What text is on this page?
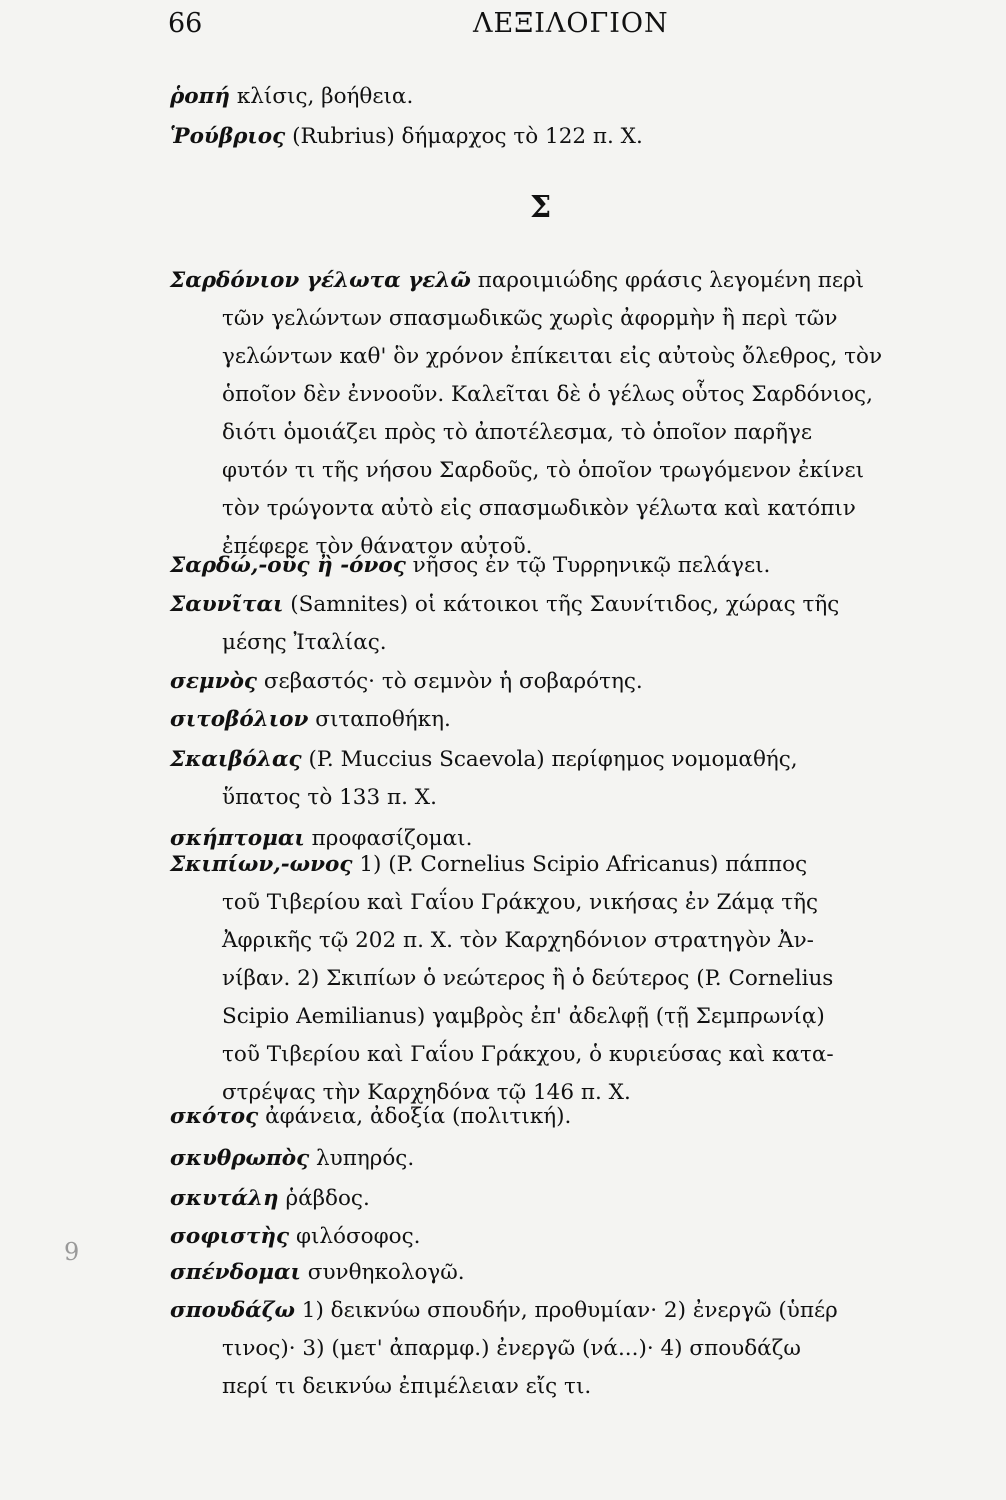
66	ΛΕΞΙΛΟΓΙΟΝ
Σ
9
ῥοπή κλίσις, βοήθεια.
Ῥούβριος (Rubrius) δήμαρχος τὸ 122 π. Χ.
Σαρδόνιον γέλωτα γελῶ παροιμιώδης φράσις λεγομένη περὶ
τῶν γελώντων σπασμωδικῶς χωρὶς ἀφορμὴν ἢ περὶ τῶν
γελώντων καθ' ὃν χρόνον ἐπίκειται εἰς αὐτοὺς ὄλεθρος, τὸν
ὁποῖον δὲν ἐννοοῦν. Καλεῖται δὲ ὁ γέλως οὗτος Σαρδόνιος,
διότι ὁμοιάζει πρὸς τὸ ἀποτέλεσμα, τὸ ὁποῖον παρῆγε
φυτόν τι τῆς νήσου Σαρδοῦς, τὸ ὁποῖον τρωγόμενον ἐκίνει
τὸν τρώγοντα αὐτὸ εἰς σπασμωδικὸν γέλωτα καὶ κατόπιν
ἐπέφερε τὸν θάνατον αὐτοῦ.
Σαρδώ,-οῦς ἢ -όνος νῆσος ἐν τῷ Τυρρηνικῷ πελάγει.
Σαυνῖται (Samnites) οἱ κάτοικοι τῆς Σαυνίτιδος, χώρας τῆς
μέσης Ἰταλίας.
σεμνὸς σεβαστός· τὸ σεμνὸν ἡ σοβαρότης.
σιτοβόλιον σιταποθήκη.
Σκαιβόλας (P. Muccius Scaevola) περίφημος νομομαθής,
ὕπατος τὸ 133 π. Χ.
σκήπτομαι προφασίζομαι.
Σκιπίων,-ωνος 1) (P. Cornelius Scipio Africanus) πάππος
τοῦ Τιβερίου καὶ Γαΐου Γράκχου, νικήσας ἐν Ζάμᾳ τῆς
Ἀφρικῆς τῷ 202 π. Χ. τὸν Καρχηδόνιον στρατηγὸν Ἀν-
νίβαν. 2) Σκιπίων ὁ νεώτερος ἢ ὁ δεύτερος (P. Cornelius
Scipio Aemilianus) γαμβρὸς ἐπ' ἀδελφῇ (τῇ Σεμπρωνίᾳ)
τοῦ Τιβερίου καὶ Γαΐου Γράκχου, ὁ κυριεύσας καὶ κατα-
στρέψας τὴν Καρχηδόνα τῷ 146 π. Χ.
σκότος ἀφάνεια, ἀδοξία (πολιτική).
σκυθρωπὸς λυπηρός.
σκυτάλη ῥάβδος.
σοφιστὴς φιλόσοφος.
σπένδομαι συνθηκολογῶ.
σπουδάζω 1) δεικνύω σπουδήν, προθυμίαν· 2) ἐνεργῶ (ὑπέρ
τινος)· 3) (μετ' ἀπαρμφ.) ἐνεργῶ (νά...)· 4) σπουδάζω
περί τι δεικνύω ἐπιμέλειαν εἴς τι.
